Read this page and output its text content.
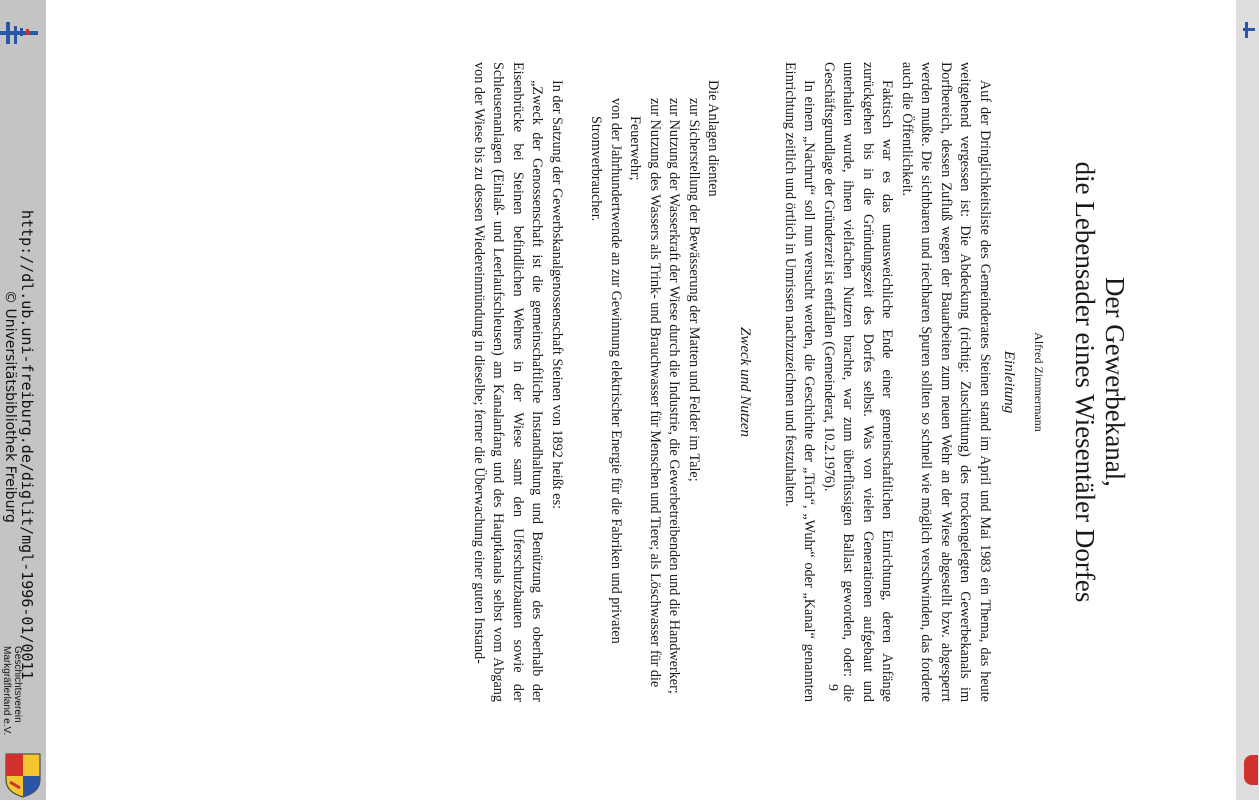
http://dl.ub.uni-freiburg.de/diglit/mgl-1996-01/0011
© Universitätsbibliothek Freiburg
Geschichtsverein
Markgräflerland e.V.

Der Gewerbekanal,
die Lebensader eines Wiesentäler Dorfes

Alfred Zimmermann

Einleitung

Auf der Dringlichkeitsliste des Gemeinderates Steinen stand im April und Mai 1983 ein Thema, das heute weitgehend vergessen ist: Die Abdeckung (richtig: Zuschüttung) des trockengelegten Gewerbekanals im Dorfbereich, dessen Zufluß wegen der Bauarbeiten zum neuen Wehr an der Wiese abgestellt bzw. abgesperrt werden mußte. Die sichtbaren und riechbaren Spuren sollten so schnell wie möglich verschwinden, das forderte auch die Öffentlichkeit.

Faktisch war es das unausweichliche Ende einer gemeinschaftlichen Einrichtung, deren Anfänge zurückgehen bis in die Gründungszeit des Dorfes selbst. Was von vielen Generationen aufgebaut und unterhalten wurde, ihnen vielfachen Nutzen brachte, war zum überflüssigen Ballast geworden, oder: die Geschäftsgrundlage der Gründerzeit ist entfallen (Gemeinderat, 10.2.1976).

In einem „Nachruf“ soll nun versucht werden, die Geschichte der „Tich“, „Wuhr“ oder „Kanal“ genannten Einrichtung zeitlich und örtlich in Umrissen nachzuzeichnen und festzuhalten.

Zweck und Nutzen

Die Anlagen dienten

zur Sicherstellung der Bewässerung der Matten und Felder im Tale;
zur Nutzung der Wasserkraft der Wiese durch die Industrie, die Gewerbetreibenden und die Handwerker;
zur Nutzung des Wassers als Trink- und Brauchwasser für Menschen und Tiere; als Löschwasser für die Feuerwehr;
von der Jahrhundertwende an zur Gewinnung elektrischer Energie für die Fabriken und privaten Stromverbraucher.

In der Satzung der Gewerbskanalgenossenschaft Steinen von 1892 heißt es:

„Zweck der Genossenschaft ist die gemeinschaftliche Instandhaltung und Benützung des oberhalb der Eisenbrücke bei Steinen befindlichen Wehres in der Wiese samt den Uferschutzbauten sowie der Schleusenanlagen (Einlaß- und Leerlaufschleusen) am Kanalanfang und des Hauptkanals selbst vom Abgang von der Wiese bis zu dessen Wiedereinmündung in dieselbe; ferner die Überwachung einer guten Instand-

9
